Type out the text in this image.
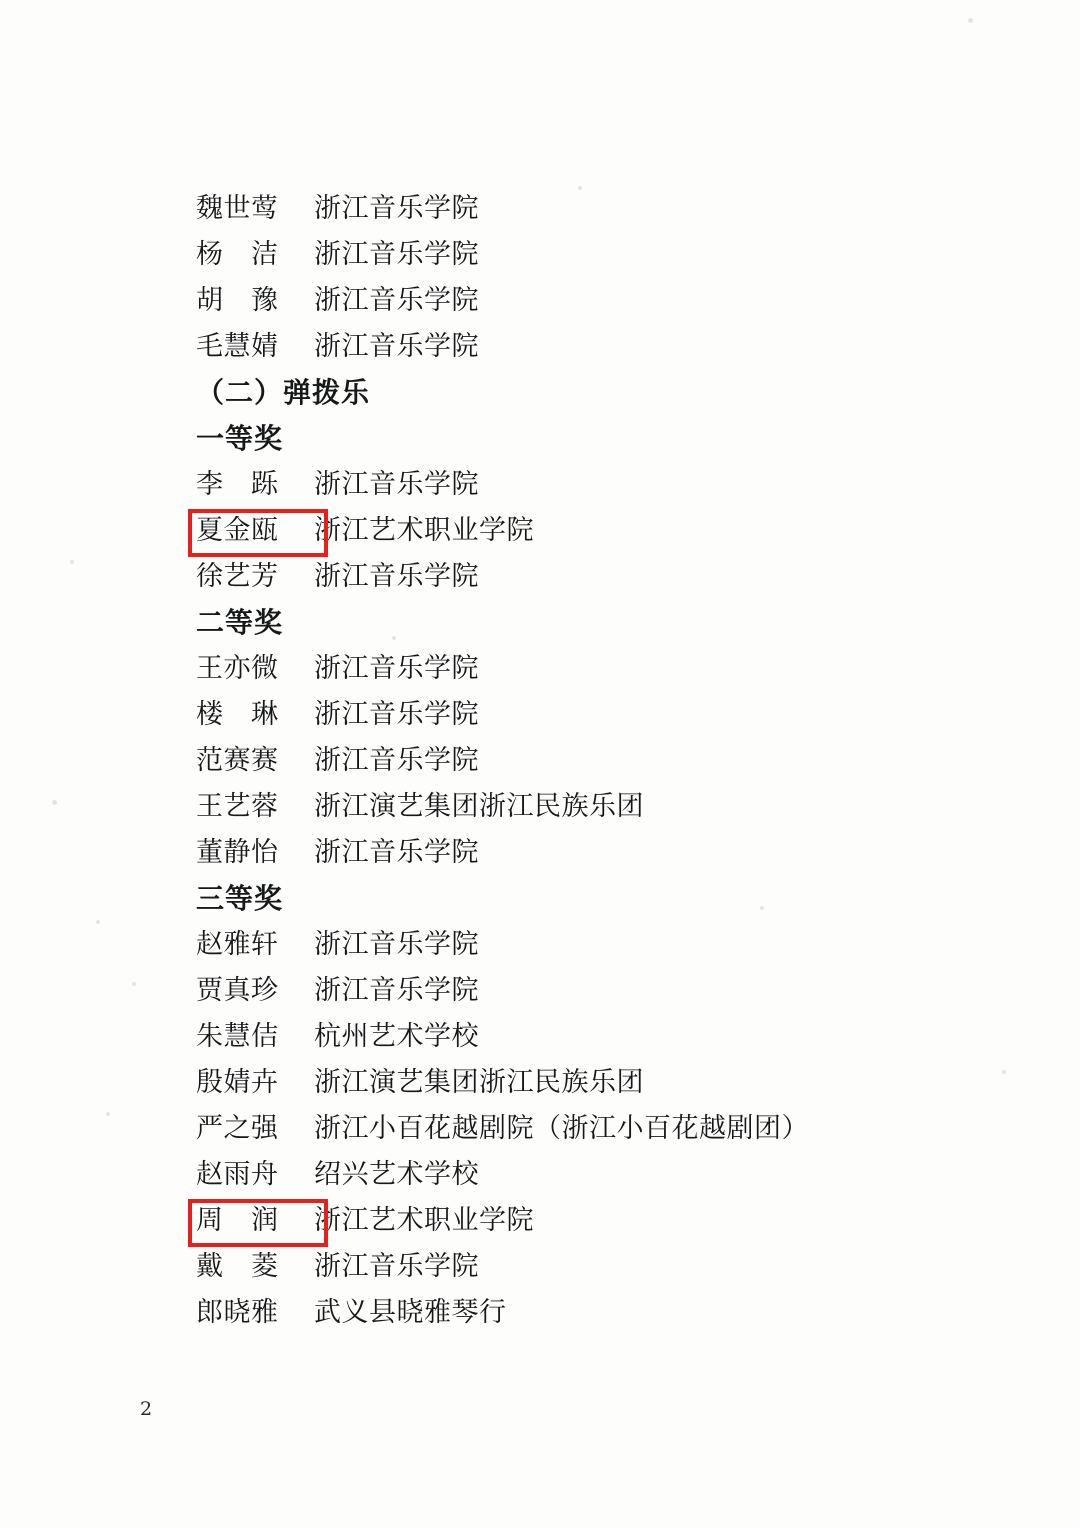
魏世莺 浙江音乐学院
杨　洁 浙江音乐学院
胡　豫 浙江音乐学院
毛慧婧 浙江音乐学院
（二）弹拨乐
一等奖
李　跞 浙江音乐学院
夏金瓯 浙江艺术职业学院
徐艺芳 浙江音乐学院
二等奖
王亦微 浙江音乐学院
楼　琳 浙江音乐学院
范赛赛 浙江音乐学院
王艺蓉 浙江演艺集团浙江民族乐团
董静怡 浙江音乐学院
三等奖
赵雅轩 浙江音乐学院
贾真珍 浙江音乐学院
朱慧佶 杭州艺术学校
殷婧卉 浙江演艺集团浙江民族乐团
严之强 浙江小百花越剧院（浙江小百花越剧团）
赵雨舟 绍兴艺术学校
周　润 浙江艺术职业学院
戴　菱 浙江音乐学院
郎晓雅 武义县晓雅琴行
2
